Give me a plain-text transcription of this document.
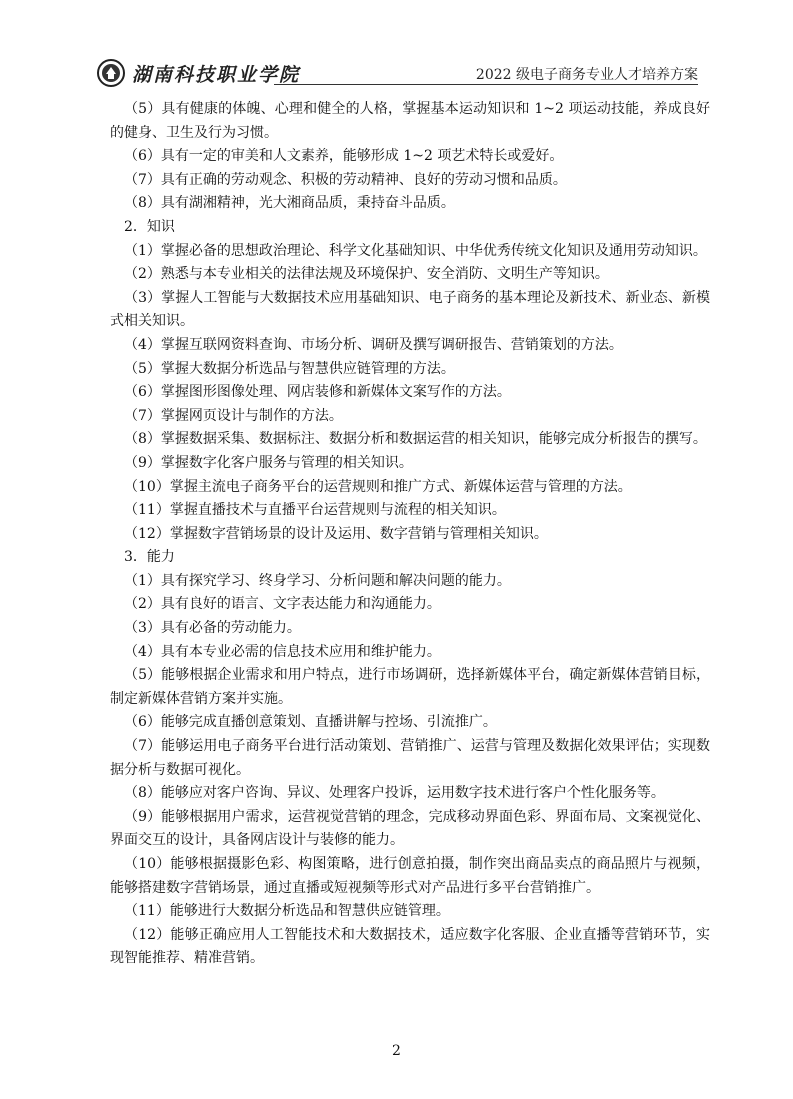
湖南科技职业学院	2022 级电子商务专业人才培养方案

（5）具有健康的体魄、心理和健全的人格，掌握基本运动知识和 1~2 项运动技能，养成良好的健身、卫生及行为习惯。

（6）具有一定的审美和人文素养，能够形成 1~2 项艺术特长或爱好。

（7）具有正确的劳动观念、积极的劳动精神、良好的劳动习惯和品质。

（8）具有湖湘精神，光大湘商品质，秉持奋斗品质。

2．知识

（1）掌握必备的思想政治理论、科学文化基础知识、中华优秀传统文化知识及通用劳动知识。

（2）熟悉与本专业相关的法律法规及环境保护、安全消防、文明生产等知识。

（3）掌握人工智能与大数据技术应用基础知识、电子商务的基本理论及新技术、新业态、新模式相关知识。

（4）掌握互联网资料查询、市场分析、调研及撰写调研报告、营销策划的方法。

（5）掌握大数据分析选品与智慧供应链管理的方法。

（6）掌握图形图像处理、网店装修和新媒体文案写作的方法。

（7）掌握网页设计与制作的方法。

（8）掌握数据采集、数据标注、数据分析和数据运营的相关知识，能够完成分析报告的撰写。

（9）掌握数字化客户服务与管理的相关知识。

（10）掌握主流电子商务平台的运营规则和推广方式、新媒体运营与管理的方法。

（11）掌握直播技术与直播平台运营规则与流程的相关知识。

（12）掌握数字营销场景的设计及运用、数字营销与管理相关知识。

3．能力

（1）具有探究学习、终身学习、分析问题和解决问题的能力。

（2）具有良好的语言、文字表达能力和沟通能力。

（3）具有必备的劳动能力。

（4）具有本专业必需的信息技术应用和维护能力。

（5）能够根据企业需求和用户特点，进行市场调研，选择新媒体平台，确定新媒体营销目标，制定新媒体营销方案并实施。

（6）能够完成直播创意策划、直播讲解与控场、引流推广。

（7）能够运用电子商务平台进行活动策划、营销推广、运营与管理及数据化效果评估；实现数据分析与数据可视化。

（8）能够应对客户咨询、异议、处理客户投诉，运用数字技术进行客户个性化服务等。

（9）能够根据用户需求，运营视觉营销的理念，完成移动界面色彩、界面布局、文案视觉化、界面交互的设计，具备网店设计与装修的能力。

（10）能够根据摄影色彩、构图策略，进行创意拍摄，制作突出商品卖点的商品照片与视频，能够搭建数字营销场景，通过直播或短视频等形式对产品进行多平台营销推广。

（11）能够进行大数据分析选品和智慧供应链管理。

（12）能够正确应用人工智能技术和大数据技术，适应数字化客服、企业直播等营销环节，实现智能推荐、精准营销。

2
